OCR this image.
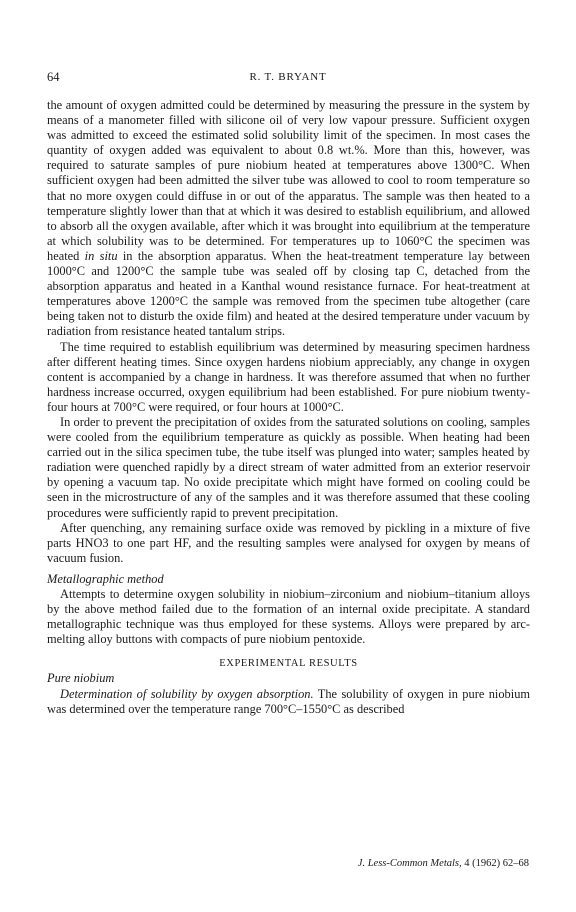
64	R. T. BRYANT

the amount of oxygen admitted could be determined by measuring the pressure in the system by means of a manometer filled with silicone oil of very low vapour pressure. Sufficient oxygen was admitted to exceed the estimated solid solubility limit of the specimen. In most cases the quantity of oxygen added was equivalent to about 0.8 wt.%. More than this, however, was required to saturate samples of pure niobium heated at temperatures above 1300°C. When sufficient oxygen had been admitted the silver tube was allowed to cool to room temperature so that no more oxygen could diffuse in or out of the apparatus. The sample was then heated to a temperature slightly lower than that at which it was desired to establish equilibrium, and allowed to absorb all the oxygen available, after which it was brought into equilibrium at the temperature at which solubility was to be determined. For temperatures up to 1060°C the specimen was heated in situ in the absorption apparatus. When the heat-treatment temperature lay between 1000°C and 1200°C the sample tube was sealed off by closing tap C, detached from the absorption apparatus and heated in a Kanthal wound resistance furnace. For heat-treatment at temperatures above 1200°C the sample was removed from the specimen tube altogether (care being taken not to disturb the oxide film) and heated at the desired temperature under vacuum by radiation from resistance heated tantalum strips.

The time required to establish equilibrium was determined by measuring specimen hardness after different heating times. Since oxygen hardens niobium appreciably, any change in oxygen content is accompanied by a change in hardness. It was therefore assumed that when no further hardness increase occurred, oxygen equilibrium had been established. For pure niobium twenty-four hours at 700°C were required, or four hours at 1000°C.

In order to prevent the precipitation of oxides from the saturated solutions on cooling, samples were cooled from the equilibrium temperature as quickly as possible. When heating had been carried out in the silica specimen tube, the tube itself was plunged into water; samples heated by radiation were quenched rapidly by a direct stream of water admitted from an exterior reservoir by opening a vacuum tap. No oxide precipitate which might have formed on cooling could be seen in the microstructure of any of the samples and it was therefore assumed that these cooling procedures were sufficiently rapid to prevent precipitation.

After quenching, any remaining surface oxide was removed by pickling in a mixture of five parts HNO3 to one part HF, and the resulting samples were analysed for oxygen by means of vacuum fusion.

Metallographic method

Attempts to determine oxygen solubility in niobium–zirconium and niobium–titanium alloys by the above method failed due to the formation of an internal oxide precipitate. A standard metallographic technique was thus employed for these systems. Alloys were prepared by arc-melting alloy buttons with compacts of pure niobium pentoxide.

EXPERIMENTAL RESULTS

Pure niobium

Determination of solubility by oxygen absorption. The solubility of oxygen in pure niobium was determined over the temperature range 700°C–1550°C as described

J. Less-Common Metals, 4 (1962) 62–68
